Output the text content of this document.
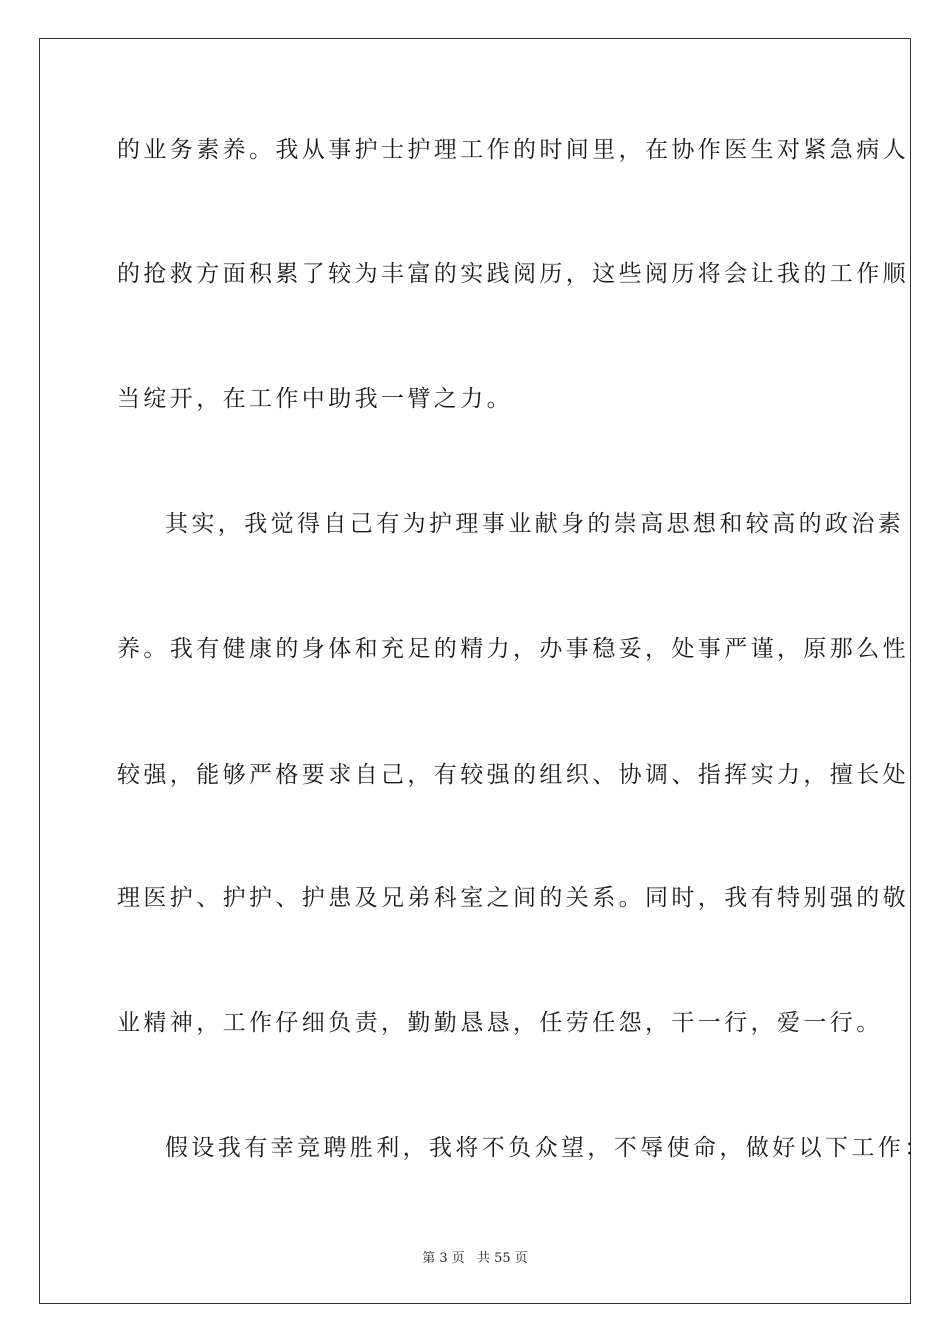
的业务素养。我从事护士护理工作的时间里，在协作医生对紧急病人
的抢救方面积累了较为丰富的实践阅历，这些阅历将会让我的工作顺
当绽开，在工作中助我一臂之力。
其实，我觉得自己有为护理事业献身的崇高思想和较高的政治素
养。我有健康的身体和充足的精力，办事稳妥，处事严谨，原那么性
较强，能够严格要求自己，有较强的组织、协调、指挥实力，擅长处
理医护、护护、护患及兄弟科室之间的关系。同时，我有特别强的敬
业精神，工作仔细负责，勤勤恳恳，任劳任怨，干一行，爱一行。
假设我有幸竞聘胜利，我将不负众望，不辱使命，做好以下工作：
第 3 页 共 55 页
